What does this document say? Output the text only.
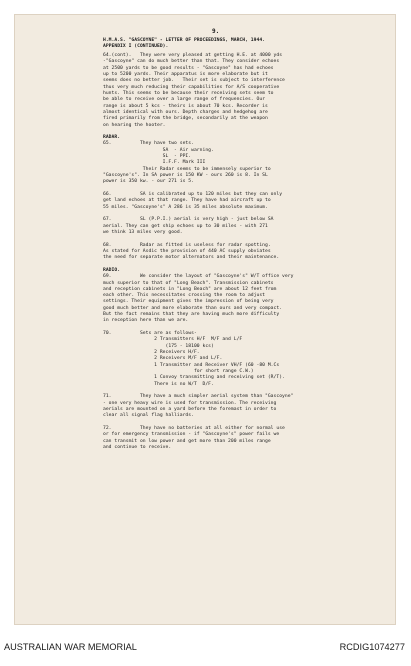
9.
H.M.A.S. "GASCOYNE" - LETTER OF PROCEEDINGS, MARCH, 1944.
APPENDIX I (CONTINUED).
64.(cont).   They were very pleased at getting H.E. at 4000 yds
-"Gascoyne" can do much better than that. They consider echoes
at 2500 yards to be good results - "Gascoyne" has had echoes
up to 5200 yards. Their apparatus is more elaborate but it
seems does no better job.   Their set is subject to interference
thus very much reducing their capabilities for A/S cooperative
hunts. This seems to be because their receiving sets seem to
be able to receive over a large range of frequencies. Our
range is about 5 kcs - theirs is about 70 kcs. Recorder is
almost identical with ours. Depth charges and hedgehog are
fired primarily from the bridge, secondarily at the weapon
on hearing the hooter.
RADAR.
65.          They have two sets.
SA  - Air warning.
SL  - PPI.
I.F.F. Mark III
Their Radar seems to be immensely superior to
"Gascoyne's". In SA power is 150 KW - ours 260 is 8. In SL
power is 350 kw. - our 271 is 5.
66.          SA is calibrated up to 120 miles but they can only
get land echoes at that range. They have had aircraft up to
55 miles. "Gascoyne's" A 286 is 35 miles absolute maximum.
67.          SL (P.P.I.) aerial is very high - just below SA
aerial. They can get ship echoes up to 30 miles - with 271
we think 13 miles very good.
68.          Radar as fitted is useless for radar spotting.
As stated for Asdic the provision of 440 AC supply obviates
the need for separate motor alternators and their maintenance.
RADIO.
69.          We consider the layout of "Gascoyne's" W/T office very
much superior to that of "Long Beach". Transmission cabinets
and reception cabinets in "Long Beach" are about 12 feet from
each other. This necessitates crossing the room to adjust
settings. Their equipment gives the impression of being very
good much better and more elaborate than ours and very compact.
But the fact remains that they are having much more difficulty
in reception here than we are.
70.          Sets are as follows-
2 Transmitters H/F  M/F and L/F
(175 - 18100 kcs)
2 Receivers H/F.
2 Receivers M/F and L/F.
1 Transmitter and Receiver VH/F (60 -80 M.Cs
for short range C.W.)
1 Convoy transmitting and receiving set (R/T).
There is no W/T  D/F.
71.          They have a much simpler aerial system than "Gascoyne"
- one very heavy wire is used for transmission. The receiving
aerials are mounted on a yard before the foremast in order to
clear all signal flag halliards.
72.          They have no batteries at all either for normal use
or for emergency transmission - if "Gascoyne's" power fails we
can transmit on low power and get more than 200 miles range
and continue to receive.
AUSTRALIAN WAR MEMORIAL	RCDIG1074277
